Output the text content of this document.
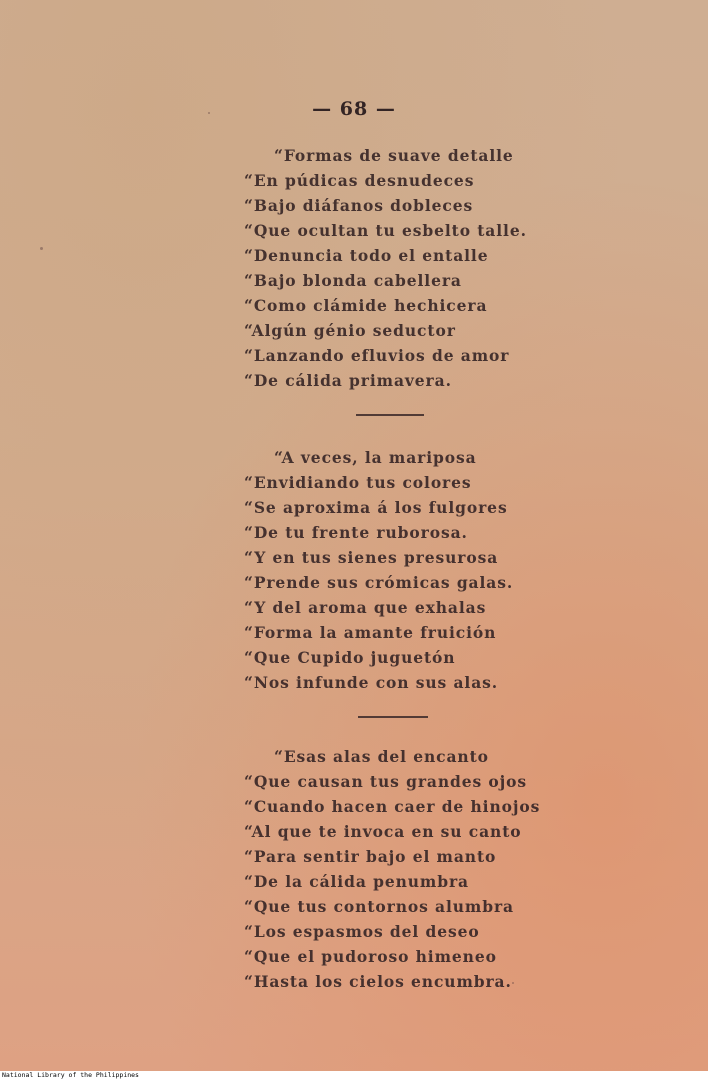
— 68 —
“Formas de suave detalle
“En púdicas desnudeces
“Bajo diáfanos dobleces
“Que ocultan tu esbelto talle.
“Denuncia todo el entalle
“Bajo blonda cabellera
“Como clámide hechicera
“Algún génio seductor
“Lanzando efluvios de amor
“De cálida primavera.
“A veces, la mariposa
“Envidiando tus colores
“Se aproxima á los fulgores
“De tu frente ruborosa.
“Y en tus sienes presurosa
“Prende sus crómicas galas.
“Y del aroma que exhalas
“Forma la amante fruición
“Que Cupido juguetón
“Nos infunde con sus alas.
“Esas alas del encanto
“Que causan tus grandes ojos
“Cuando hacen caer de hinojos
“Al que te invoca en su canto
“Para sentir bajo el manto
“De la cálida penumbra
“Que tus contornos alumbra
“Los espasmos del deseo
“Que el pudoroso himeneo
“Hasta los cielos encumbra.
National Library of the Philippines
